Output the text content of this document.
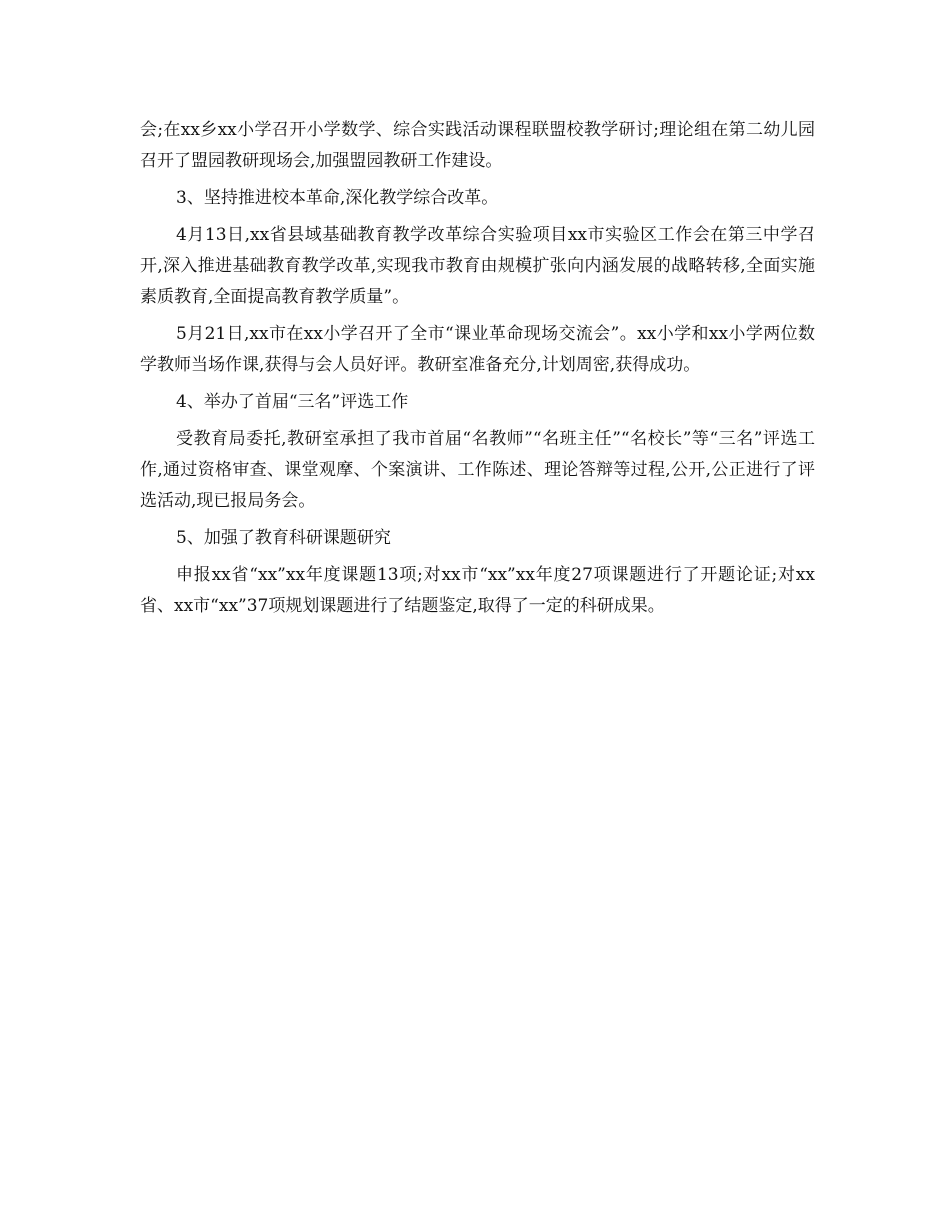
会;在xx乡xx小学召开小学数学、综合实践活动课程联盟校教学研讨;理论组在第二幼儿园召开了盟园教研现场会,加强盟园教研工作建设。

3、坚持推进校本革命,深化教学综合改革。

4月13日,xx省县域基础教育教学改革综合实验项目xx市实验区工作会在第三中学召开,深入推进基础教育教学改革,实现我市教育由规模扩张向内涵发展的战略转移,全面实施素质教育,全面提高教育教学质量”。

5月21日,xx市在xx小学召开了全市“课业革命现场交流会”。xx小学和xx小学两位数学教师当场作课,获得与会人员好评。教研室准备充分,计划周密,获得成功。

4、举办了首届“三名”评选工作

受教育局委托,教研室承担了我市首届“名教师”“名班主任”“名校长”等“三名”评选工作,通过资格审查、课堂观摩、个案演讲、工作陈述、理论答辩等过程,公开,公正进行了评选活动,现已报局务会。

5、加强了教育科研课题研究

申报xx省“xx”xx年度课题13项;对xx市“xx”xx年度27项课题进行了开题论证;对xx省、xx市“xx”37项规划课题进行了结题鉴定,取得了一定的科研成果。
